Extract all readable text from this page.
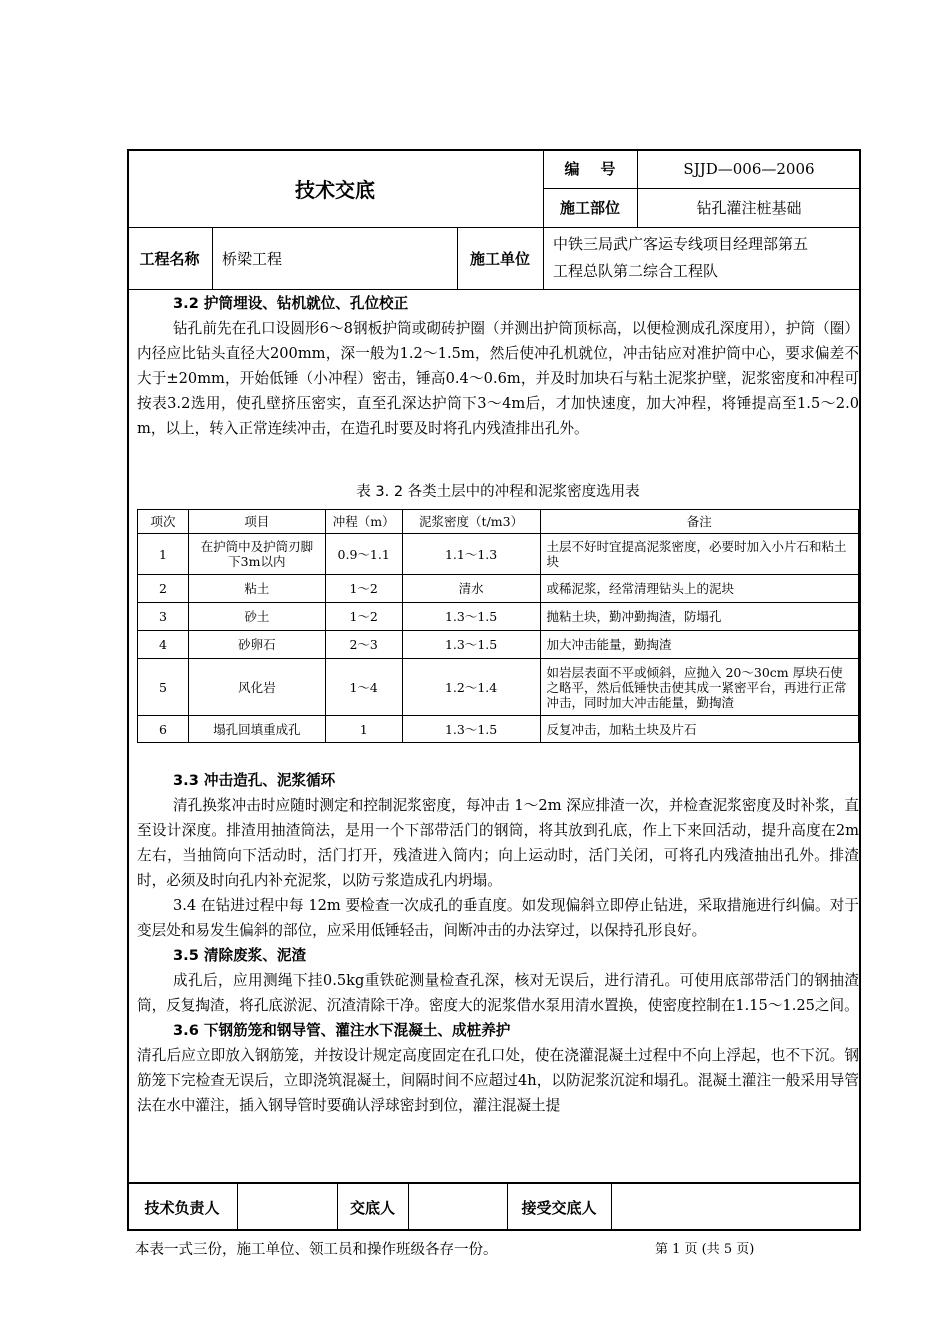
技术交底
编    号	SJJD—006—2006
施工部位	钻孔灌注桩基础
工程名称	桥梁工程	施工单位
中铁三局武广客运专线项目经理部第五
工程总队第二综合工程队

3.2 护筒埋设、钻机就位、孔位校正

钻孔前先在孔口设圆形6～8钢板护筒或砌砖护圈（并测出护筒顶标高，以便检测成孔深度用），护筒（圈）内径应比钻头直径大200mm，深一般为1.2～1.5m，然后使冲孔机就位，冲击钻应对准护筒中心，要求偏差不大于±20mm，开始低锤（小冲程）密击，锤高0.4～0.6m，并及时加块石与粘土泥浆护壁，泥浆密度和冲程可按表3.2选用，使孔壁挤压密实，直至孔深达护筒下3～4m后，才加快速度，加大冲程，将锤提高至1.5～2.0 m，以上，转入正常连续冲击，在造孔时要及时将孔内残渣排出孔外。

表 3. 2 各类土层中的冲程和泥浆密度选用表
项次	项目	冲程（m）	泥浆密度（t/m3）	备注
1	在护筒中及护筒刃脚下3m以内	0.9～1.1	1.1～1.3	土层不好时宜提高泥浆密度，必要时加入小片石和粘土块
2	粘土	1～2	清水	或稀泥浆，经常清理钻头上的泥块
3	砂土	1～2	1.3～1.5	抛粘土块，勤冲勤掏渣，防塌孔
4	砂卵石	2～3	1.3～1.5	加大冲击能量，勤掏渣
5	风化岩	1～4	1.2～1.4	如岩层表面不平或倾斜，应抛入 20～30cm 厚块石使之略平，然后低锤快击使其成一紧密平台，再进行正常冲击，同时加大冲击能量，勤掏渣
6	塌孔回填重成孔	1	1.3～1.5	反复冲击，加粘土块及片石

3.3 冲击造孔、泥浆循环

清孔换浆冲击时应随时测定和控制泥浆密度，每冲击 1～2m 深应排渣一次，并检查泥浆密度及时补浆，直至设计深度。排渣用抽渣筒法，是用一个下部带活门的钢筒，将其放到孔底，作上下来回活动，提升高度在2m左右，当抽筒向下活动时，活门打开，残渣进入筒内；向上运动时，活门关闭，可将孔内残渣抽出孔外。排渣时，必须及时向孔内补充泥浆，以防亏浆造成孔内坍塌。

3.4 在钻进过程中每 12m 要检查一次成孔的垂直度。如发现偏斜立即停止钻进，采取措施进行纠偏。对于变层处和易发生偏斜的部位，应采用低锤轻击，间断冲击的办法穿过，以保持孔形良好。

3.5 清除废浆、泥渣

成孔后，应用测绳下挂0.5kg重铁砣测量检查孔深，核对无误后，进行清孔。可使用底部带活门的钢抽渣筒，反复掏渣，将孔底淤泥、沉渣清除干净。密度大的泥浆借水泵用清水置换，使密度控制在1.15～1.25之间。

3.6 下钢筋笼和钢导管、灌注水下混凝土、成桩养护

清孔后应立即放入钢筋笼，并按设计规定高度固定在孔口处，使在浇灌混凝土过程中不向上浮起，也不下沉。钢筋笼下完检查无误后，立即浇筑混凝土，间隔时间不应超过4h，以防泥浆沉淀和塌孔。混凝土灌注一般采用导管法在水中灌注，插入钢导管时要确认浮球密封到位，灌注混凝土提

技术负责人	交底人	接受交底人
本表一式三份，施工单位、领工员和操作班级各存一份。	第 1 页 (共 5 页)
